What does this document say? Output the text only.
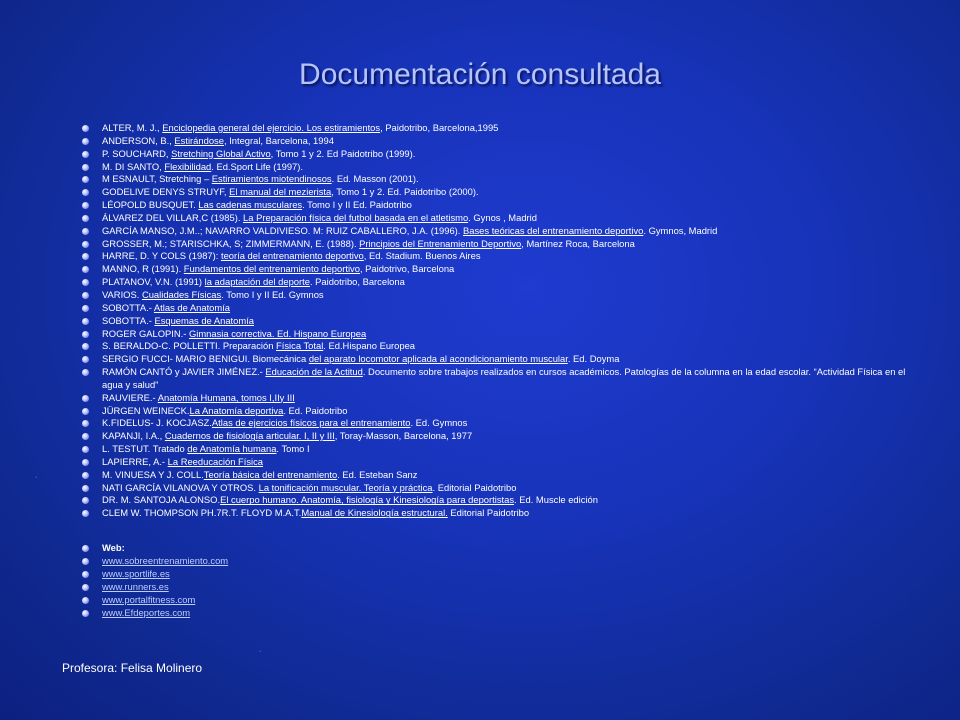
·
·
Documentación consultada
ALTER, M. J., Enciclopedia general del ejercicio. Los estiramientos, Paidotribo, Barcelona,1995
ANDERSON, B., Estirándose, Integral, Barcelona, 1994
P. SOUCHARD, Stretching Global Activo, Tomo 1 y 2. Ed Paidotribo (1999).
M. DI SANTO, Flexibilidad. Ed.Sport Life (1997).
M ESNAULT, Stretching – Estiramientos miotendinosos. Ed. Masson (2001).
GODELIVE DENYS STRUYF, El manual del mezierista, Tomo 1 y 2. Ed. Paidotribo (2000).
LÉOPOLD BUSQUET. Las cadenas musculares. Tomo I y II Ed. Paidotribo
ÁLVAREZ DEL VILLAR,C (1985). La Preparación física del futbol basada en el atletismo. Gynos , Madrid
GARCÍA MANSO, J.M..; NAVARRO VALDIVIESO. M: RUIZ CABALLERO, J.A. (1996). Bases teóricas del entrenamiento deportivo. Gymnos, Madrid
GROSSER, M.; STARISCHKA, S; ZIMMERMANN, E. (1988). Principios del Entrenamiento Deportivo, Martínez Roca, Barcelona
HARRE, D. Y COLS (1987): teoría del entrenamiento deportivo, Ed. Stadium. Buenos Aires
MANNO, R (1991). Fundamentos del entrenamiento deportivo, Paidotrivo, Barcelona
PLATANOV, V.N. (1991) la adaptación del deporte. Paidotribo, Barcelona
VARIOS. Cualidades Físicas. Tomo I y II Ed. Gymnos
SOBOTTA.- Atlas de Anatomía
SOBOTTA.- Esquemas de Anatomía
ROGER GALOPIN.- Gimnasia correctiva. Ed. Hispano Europea
S. BERALDO-C. POLLETTI. Preparación Física Total. Ed.Hispano Europea
SERGIO FUCCI- MARIO BENIGUI. Biomecánica del aparato locomotor aplicada al acondicionamiento muscular. Ed. Doyma
RAMÓN CANTÓ y JAVIER JIMÉNEZ.- Educación de la Actitud. Documento sobre trabajos realizados en cursos académicos. Patologías de la columna en la edad escolar. “Actividad Física en el agua y salud”
RAUVIERE.- Anatomía Humana, tomos I,IIy III
JÜRGEN WEINECK.La Anatomía deportiva. Ed. Paidotribo
K.FIDELUS- J. KOCJASZ.Atlas de ejercicios físicos para el entrenamiento. Ed. Gymnos
KAPANJI, I.A., Cuadernos de fisiología articular. I, II y III, Toray-Masson, Barcelona, 1977
L. TESTUT. Tratado de Anatomía humana. Tomo I
LAPIERRE, A.- La Reeducación Física
M. VINUESA Y J. COLL.Teoría básica del entrenamiento. Ed. Esteban Sanz
NATI GARCÍA VILANOVA Y OTROS. La tonificación muscular. Teoría y práctica. Editorial Paidotribo
DR. M. SANTOJA ALONSO.El cuerpo humano. Anatomía, fisiología y Kinesiología para deportistas. Ed. Muscle edición
CLEM W. THOMPSON PH.7R.T. FLOYD M.A.T.Manual de Kinesiología estructural. Editorial Paidotribo
Web:
www.sobreentrenamiento.com
www.sportlife.es
www.runners.es
www.portalfitness.com
www.Efdeportes.com
Profesora: Felisa Molinero
